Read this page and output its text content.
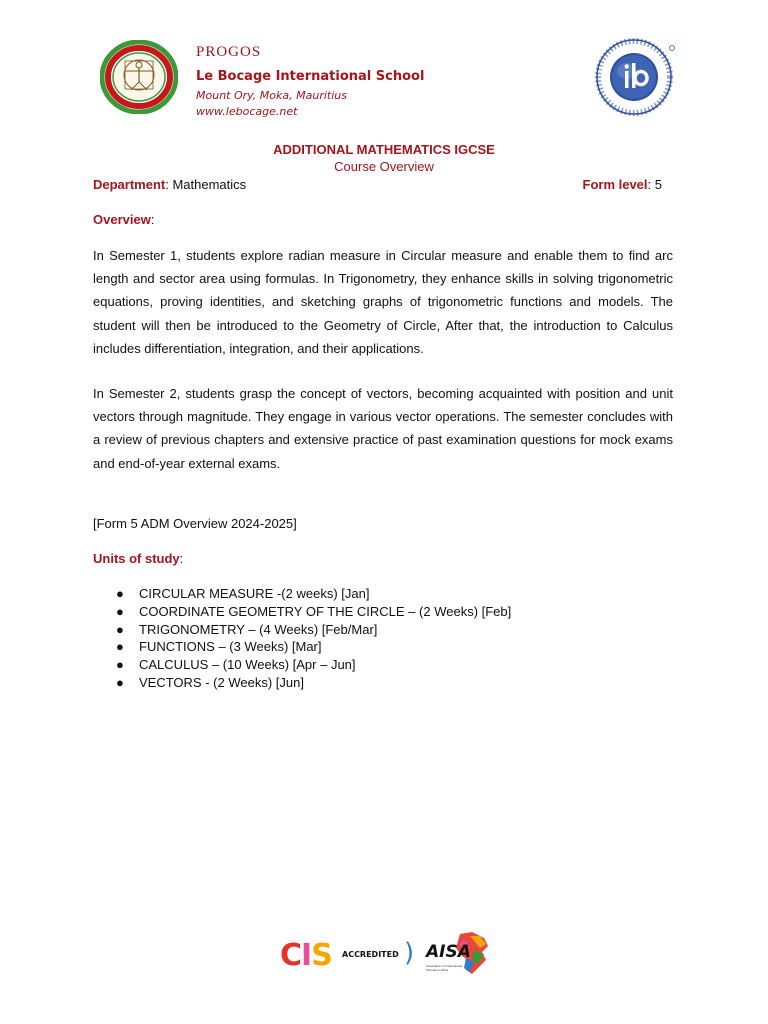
PROGOS
Le Bocage International School
Mount Ory, Moka, Mauritius
www.lebocage.net
ADDITIONAL MATHEMATICS IGCSE
Course Overview
Department: Mathematics	Form level: 5
Overview:
In Semester 1, students explore radian measure in Circular measure and enable them to find arc length and sector area using formulas. In Trigonometry, they enhance skills in solving trigonometric equations, proving identities, and sketching graphs of trigonometric functions and models. The student will then be introduced to the Geometry of Circle, After that, the introduction to Calculus includes differentiation, integration, and their applications.
In Semester 2, students grasp the concept of vectors, becoming acquainted with position and unit vectors through magnitude. They engage in various vector operations. The semester concludes with a review of previous chapters and extensive practice of past examination questions for mock exams and end-of-year external exams.
[Form 5 ADM Overview 2024-2025]
Units of study:
● CIRCULAR MEASURE -(2 weeks) [Jan]
● COORDINATE GEOMETRY OF THE CIRCLE – (2 Weeks) [Feb]
● TRIGONOMETRY – (4 Weeks) [Feb/Mar]
● FUNCTIONS – (3 Weeks) [Mar]
● CALCULUS – (10 Weeks) [Apr – Jun]
● VECTORS - (2 Weeks) [Jun]
CIS ACCREDITED ) AISA
Association of International Schools in Africa
